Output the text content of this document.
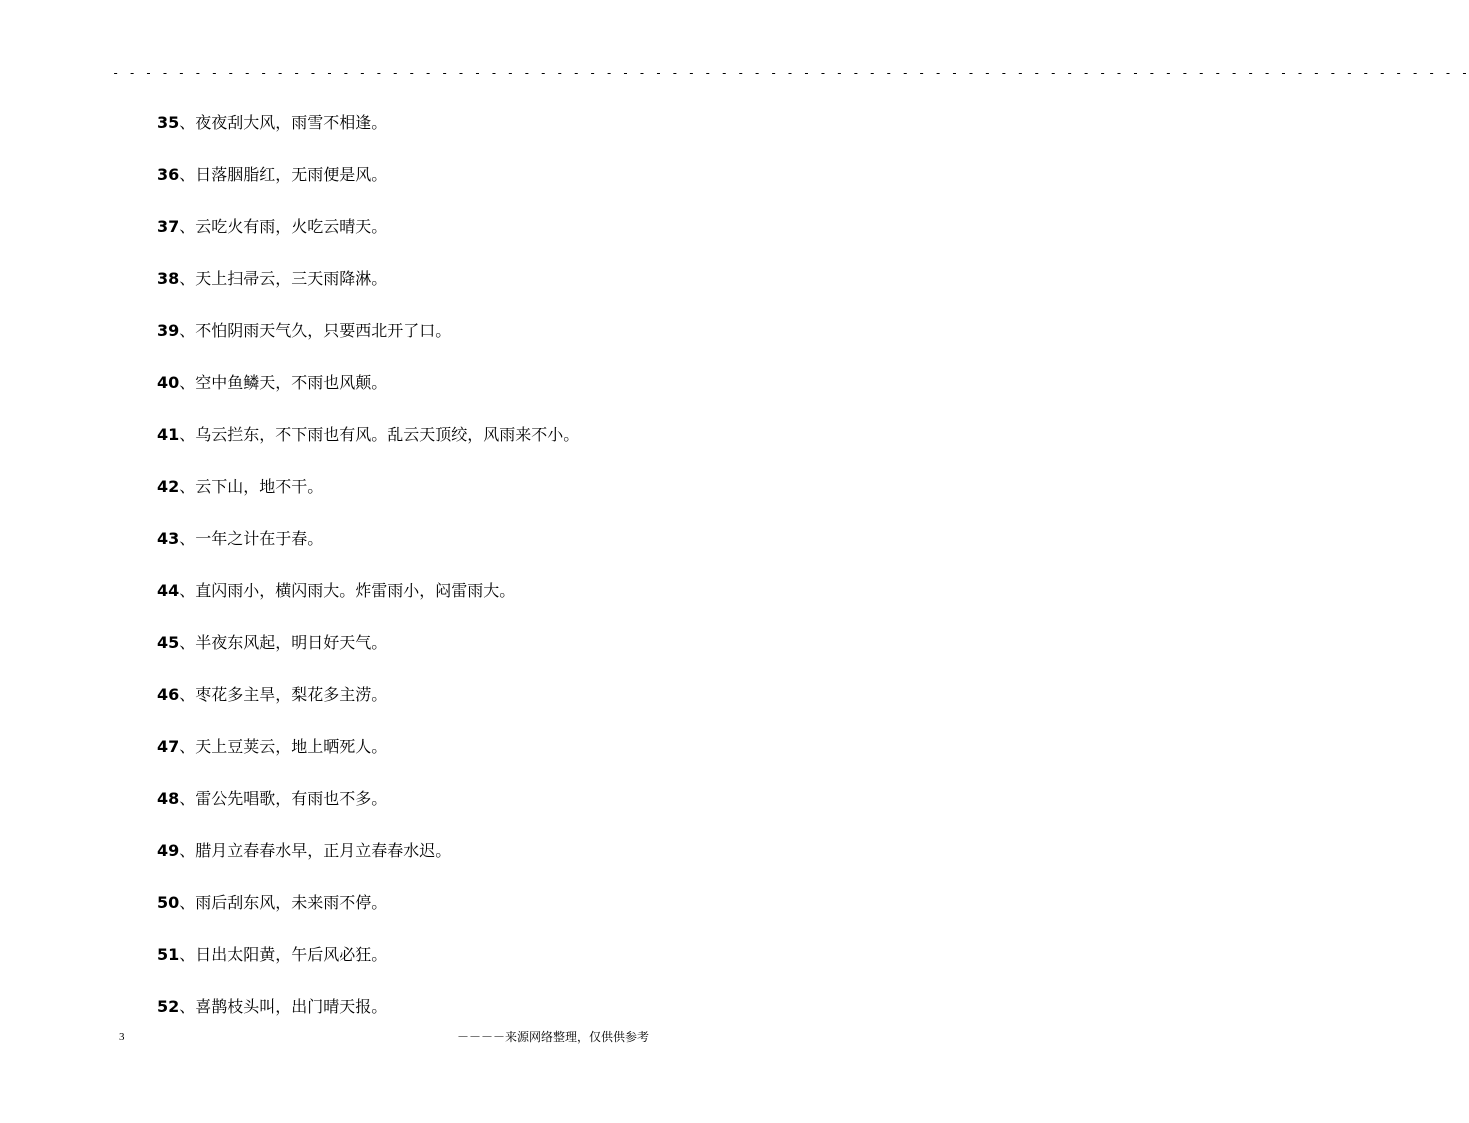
- - - - - - - - - - - - - - - - - - - - - - - - - - - - - - - - - - - - - - - - - - - - - - - - - - - - - - - - - - - - - - - - - - - - - - - - - - - - - - - - - - -
35、夜夜刮大风，雨雪不相逢。
36、日落胭脂红，无雨便是风。
37、云吃火有雨，火吃云晴天。
38、天上扫帚云，三天雨降淋。
39、不怕阴雨天气久，只要西北开了口。
40、空中鱼鳞天，不雨也风颠。
41、乌云拦东，不下雨也有风。乱云天顶绞，风雨来不小。
42、云下山，地不干。
43、一年之计在于春。
44、直闪雨小，横闪雨大。炸雷雨小，闷雷雨大。
45、半夜东风起，明日好天气。
46、枣花多主旱，梨花多主涝。
47、天上豆荚云，地上晒死人。
48、雷公先唱歌，有雨也不多。
49、腊月立春春水早，正月立春春水迟。
50、雨后刮东风，未来雨不停。
51、日出太阳黄，午后风必狂。
52、喜鹊枝头叫，出门晴天报。
3	－－－－来源网络整理，仅供供参考
